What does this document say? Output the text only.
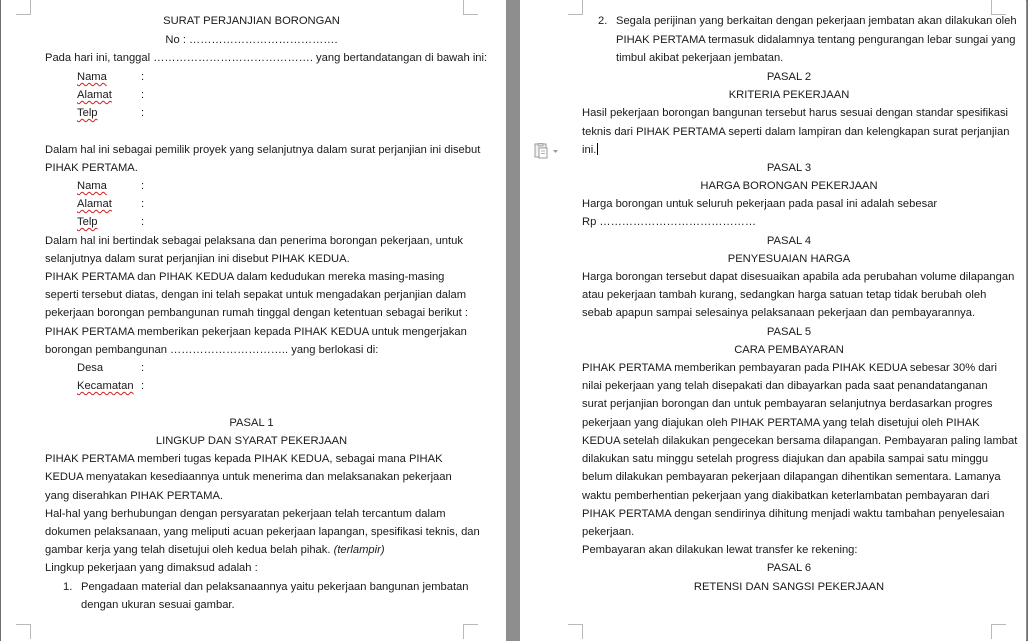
SURAT PERJANJIAN BORONGAN
No : ………………………………….
Pada hari ini, tanggal ……………………………………. yang bertandatangan di bawah ini:
Nama	:
Alamat	:
Telp	:
Dalam hal ini sebagai pemilik proyek yang selanjutnya dalam surat perjanjian ini disebut
PIHAK PERTAMA.
Nama	:
Alamat	:
Telp	:
Dalam hal ini bertindak sebagai pelaksana dan penerima borongan pekerjaan, untuk
selanjutnya dalam surat perjanjian ini disebut PIHAK KEDUA.
PIHAK PERTAMA dan PIHAK KEDUA dalam kedudukan mereka masing-masing
seperti tersebut diatas, dengan ini telah sepakat untuk mengadakan perjanjian dalam
pekerjaan borongan pembangunan rumah tinggal dengan ketentuan sebagai berikut :
PIHAK PERTAMA memberikan pekerjaan kepada PIHAK KEDUA untuk mengerjakan
borongan pembangunan ………………………….. yang berlokasi di:
Desa	:
Kecamatan :
PASAL 1
LINGKUP DAN SYARAT PEKERJAAN
PIHAK PERTAMA memberi tugas kepada PIHAK KEDUA, sebagai mana PIHAK
KEDUA menyatakan kesediaannya untuk menerima dan melaksanakan pekerjaan
yang diserahkan PIHAK PERTAMA.
Hal-hal yang berhubungan dengan persyaratan pekerjaan telah tercantum dalam
dokumen pelaksanaan, yang meliputi acuan pekerjaan lapangan, spesifikasi teknis, dan
gambar kerja yang telah disetujui oleh kedua belah pihak. (terlampir)
Lingkup pekerjaan yang dimaksud adalah :
1. Pengadaan material dan pelaksanaannya yaitu pekerjaan bangunan jembatan
dengan ukuran sesuai gambar.
2. Segala perijinan yang berkaitan dengan pekerjaan jembatan akan dilakukan oleh
PIHAK PERTAMA termasuk didalamnya tentang pengurangan lebar sungai yang
timbul akibat pekerjaan jembatan.
PASAL 2
KRITERIA PEKERJAAN
Hasil pekerjaan borongan bangunan tersebut harus sesuai dengan standar spesifikasi
teknis dari PIHAK PERTAMA seperti dalam lampiran dan kelengkapan surat perjanjian
ini.
PASAL 3
HARGA BORONGAN PEKERJAAN
Harga borongan untuk seluruh pekerjaan pada pasal ini adalah sebesar
Rp ……………………………………
PASAL 4
PENYESUAIAN HARGA
Harga borongan tersebut dapat disesuaikan apabila ada perubahan volume dilapangan
atau pekerjaan tambah kurang, sedangkan harga satuan tetap tidak berubah oleh
sebab apapun sampai selesainya pelaksanaan pekerjaan dan pembayarannya.
PASAL 5
CARA PEMBAYARAN
PIHAK PERTAMA memberikan pembayaran pada PIHAK KEDUA sebesar 30% dari
nilai pekerjaan yang telah disepakati dan dibayarkan pada saat penandatanganan
surat perjanjian borongan dan untuk pembayaran selanjutnya berdasarkan progres
pekerjaan yang diajukan oleh PIHAK PERTAMA yang telah disetujui oleh PIHAK
KEDUA setelah dilakukan pengecekan bersama dilapangan. Pembayaran paling lambat
dilakukan satu minggu setelah progress diajukan dan apabila sampai satu minggu
belum dilakukan pembayaran pekerjaan dilapangan dihentikan sementara. Lamanya
waktu pemberhentian pekerjaan yang diakibatkan keterlambatan pembayaran dari
PIHAK PERTAMA dengan sendirinya dihitung menjadi waktu tambahan penyelesaian
pekerjaan.
Pembayaran akan dilakukan lewat transfer ke rekening:
PASAL 6
RETENSI DAN SANGSI PEKERJAAN
